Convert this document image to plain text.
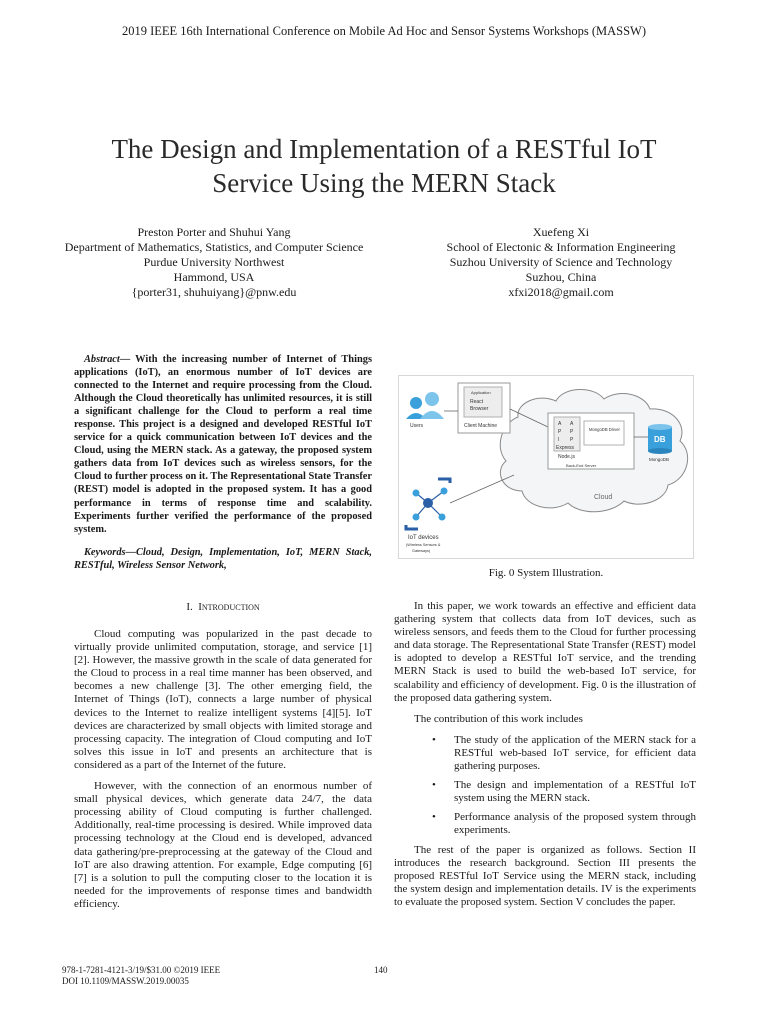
2019 IEEE 16th International Conference on Mobile Ad Hoc and Sensor Systems Workshops (MASSW)
The Design and Implementation of a RESTful IoT
Service Using the MERN Stack
Preston Porter and Shuhui Yang
Department of Mathematics, Statistics, and Computer Science
Purdue University Northwest
Hammond, USA
{porter31, shuhuiyang}@pnw.edu
Xuefeng Xi
School of Electonic & Information Engineering
Suzhou University of Science and Technology
Suzhou, China
xfxi2018@gmail.com
Abstract— With the increasing number of Internet of Things applications (IoT), an enormous number of IoT devices are connected to the Internet and require processing from the Cloud. Although the Cloud theoretically has unlimited resources, it is still a significant challenge for the Cloud to perform a real time response. This project is a designed and developed RESTful IoT service for a quick communication between IoT devices and the Cloud, using the MERN stack. As a gateway, the proposed system gathers data from IoT devices such as wireless sensors, for the Cloud to further process on it. The Representational State Transfer (REST) model is adopted in the proposed system. It has a good performance in terms of response time and scalability. Experiments further verified the performance of the proposed system.
Keywords—Cloud, Design, Implementation, IoT, MERN Stack, RESTful, Wireless Sensor Network,
I. Introduction

Cloud computing was popularized in the past decade to virtually provide unlimited computation, storage, and service [1][2]. However, the massive growth in the scale of data generated for the Cloud to process in a real time manner has been observed, and becomes a new challenge [3]. The other emerging field, the Internet of Things (IoT), connects a large number of physical devices to the Internet to realize intelligent systems [4][5]. IoT devices are characterized by small objects with limited storage and processing capacity. The integration of Cloud computing and IoT solves this issue in IoT and presents an architecture that is considered as a part of the Internet of the future.

However, with the connection of an enormous number of small physical devices, which generate data 24/7, the data processing ability of Cloud computing is further challenged. Additionally, real-time processing is desired. While improved data processing technology at the Cloud end is developed, advanced data gathering/pre-preprocessing at the gateway of the Cloud and IoT are also drawing attention. For example, Edge computing [6][7] is a solution to pull the computing closer to the location it is needed for the improvements of response times and bandwidth efficiency.

Users
Application
React
Browser
Client Machine	A
P
I
A
P
P
MongoDB Driver
Express
Node.js
Back-End Server
DB
MongoDB
Cloud
IoT devices
(Wireless Sensors &
Gateways)
Fig. 0 System Illustration.

In this paper, we work towards an effective and efficient data gathering system that collects data from IoT devices, such as wireless sensors, and feeds them to the Cloud for further processing and data storage. The Representational State Transfer (REST) model is adopted to develop a RESTful IoT service, and the trending MERN Stack is used to build the web-based IoT service, for scalability and efficiency of development. Fig. 0 is the illustration of the proposed data gathering system.

The contribution of this work includes

• The study of the application of the MERN stack for a RESTful web-based IoT service, for efficient data gathering purposes.
• The design and implementation of a RESTful IoT system using the MERN stack.
• Performance analysis of the proposed system through experiments.

The rest of the paper is organized as follows. Section II introduces the research background. Section III presents the proposed RESTful IoT Service using the MERN stack, including the system design and implementation details. IV is the experiments to evaluate the proposed system. Section V concludes the paper.

978-1-7281-4121-3/19/$31.00 ©2019 IEEE
DOI 10.1109/MASSW.2019.00035
140
